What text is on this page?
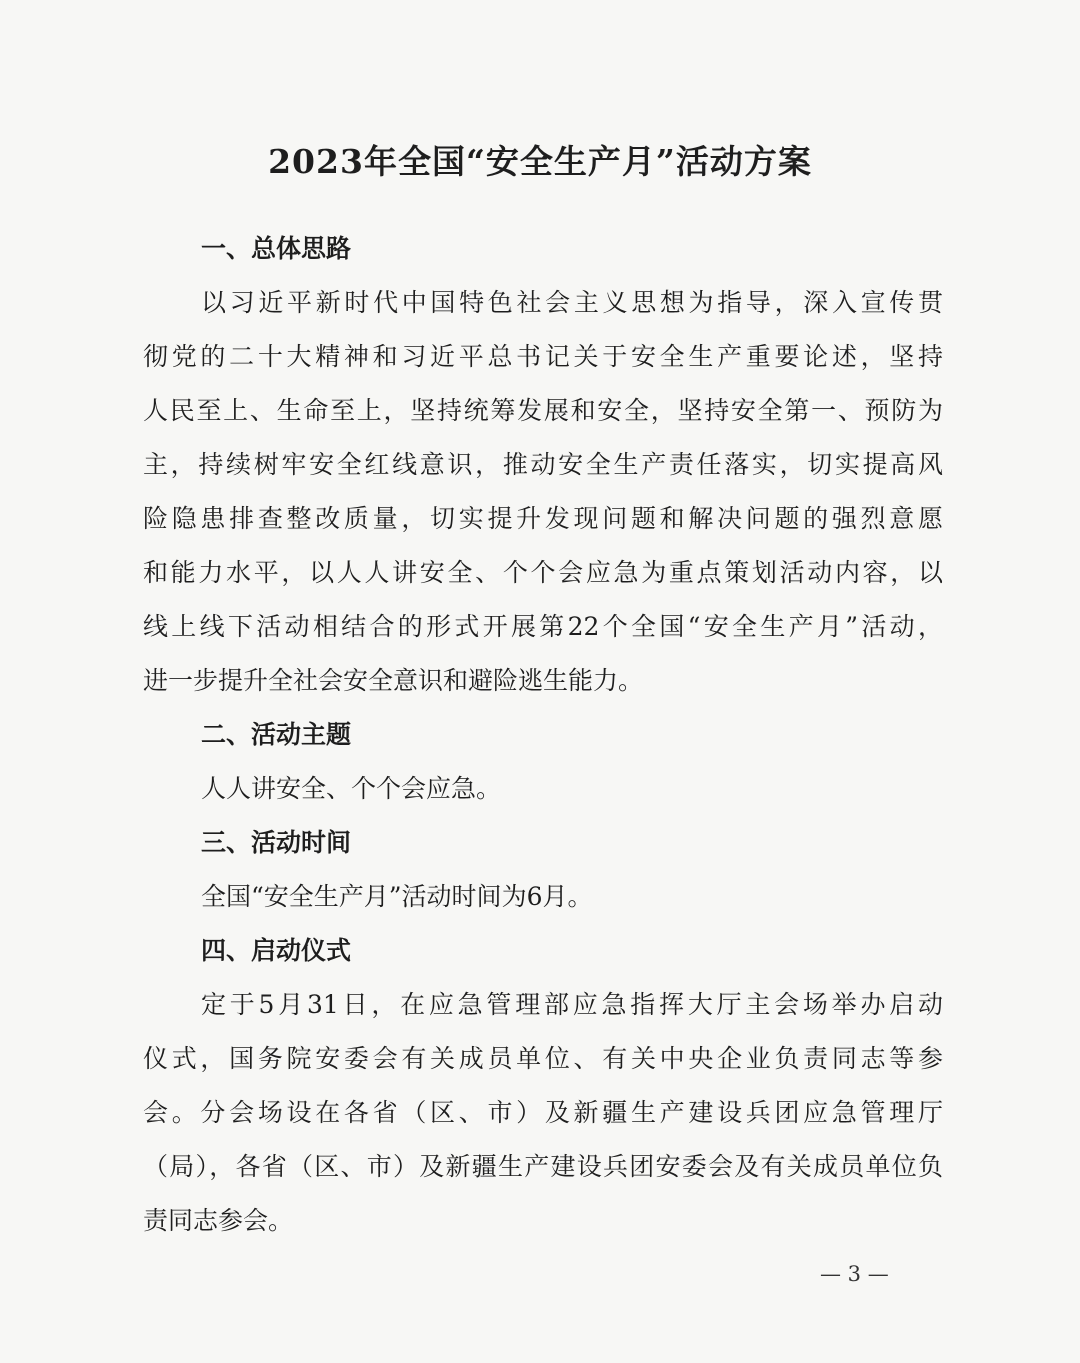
2023年全国“安全生产月”活动方案

一、总体思路

以习近平新时代中国特色社会主义思想为指导，深入宣传贯

彻党的二十大精神和习近平总书记关于安全生产重要论述，坚持

人民至上、生命至上，坚持统筹发展和安全，坚持安全第一、预防为

主，持续树牢安全红线意识，推动安全生产责任落实，切实提高风

险隐患排查整改质量，切实提升发现问题和解决问题的强烈意愿

和能力水平，以人人讲安全、个个会应急为重点策划活动内容，以

线上线下活动相结合的形式开展第22个全国“安全生产月”活动，

进一步提升全社会安全意识和避险逃生能力。

二、活动主题

人人讲安全、个个会应急。

三、活动时间

全国“安全生产月”活动时间为6月。

四、启动仪式

定于5月31日，在应急管理部应急指挥大厅主会场举办启动

仪式，国务院安委会有关成员单位、有关中央企业负责同志等参

会。分会场设在各省（区、市）及新疆生产建设兵团应急管理厅

（局），各省（区、市）及新疆生产建设兵团安委会及有关成员单位负

责同志参会。

— 3 —
